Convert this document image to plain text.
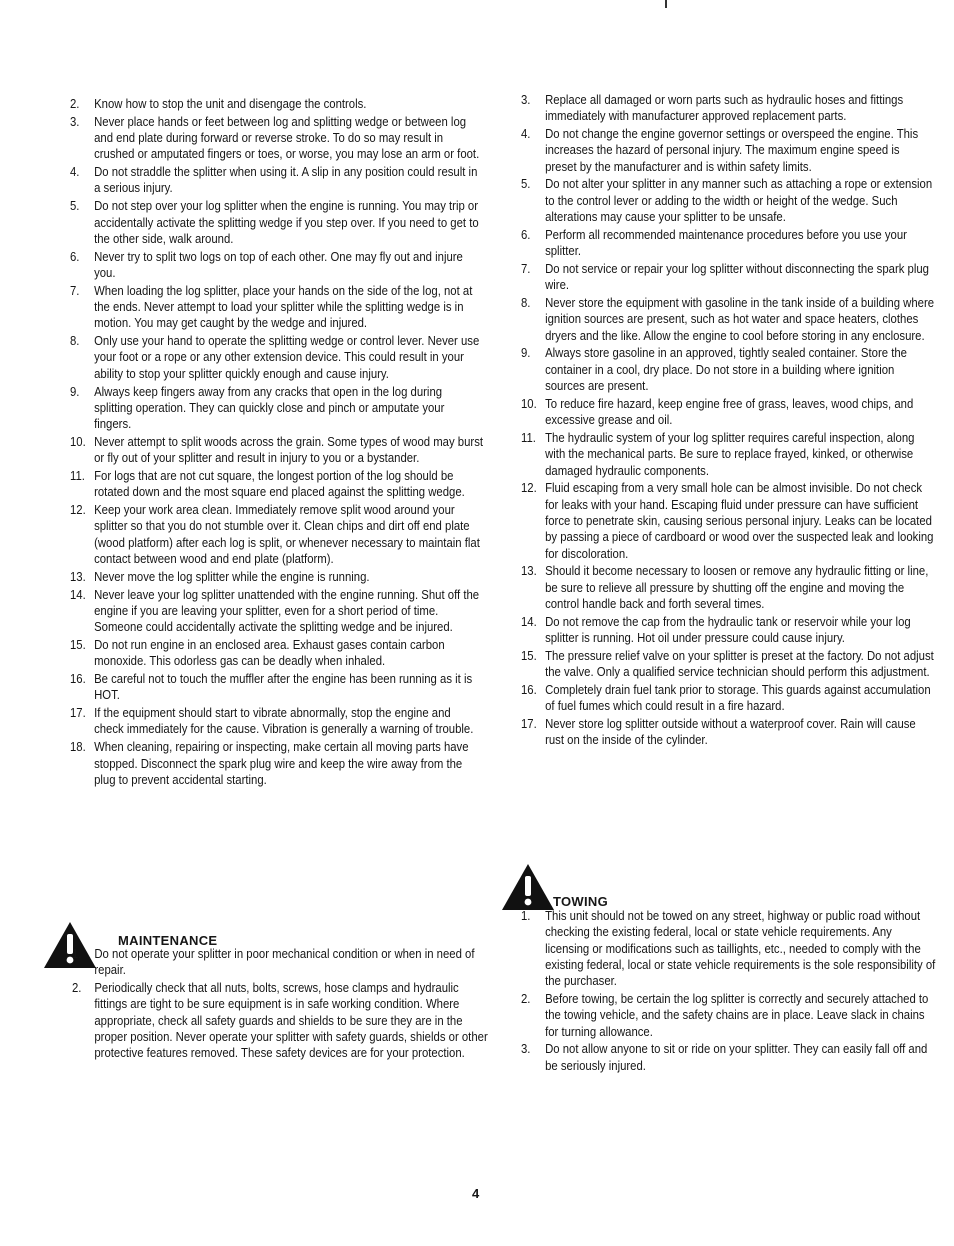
2. Know how to stop the unit and disengage the controls.
3. Never place hands or feet between log and splitting wedge or between log and end plate during forward or reverse stroke. To do so may result in crushed or amputated fingers or toes, or worse, you may lose an arm or foot.
4. Do not straddle the splitter when using it. A slip in any position could result in a serious injury.
5. Do not step over your log splitter when the engine is running. You may trip or accidentally activate the splitting wedge if you step over. If you need to get to the other side, walk around.
6. Never try to split two logs on top of each other. One may fly out and injure you.
7. When loading the log splitter, place your hands on the side of the log, not at the ends. Never attempt to load your splitter while the splitting wedge is in motion. You may get caught by the wedge and injured.
8. Only use your hand to operate the splitting wedge or control lever. Never use your foot or a rope or any other extension device. This could result in your ability to stop your splitter quickly enough and cause injury.
9. Always keep fingers away from any cracks that open in the log during splitting operation. They can quickly close and pinch or amputate your fingers.
10. Never attempt to split woods across the grain. Some types of wood may burst or fly out of your splitter and result in injury to you or a bystander.
11. For logs that are not cut square, the longest portion of the log should be rotated down and the most square end placed against the splitting wedge.
12. Keep your work area clean. Immediately remove split wood around your splitter so that you do not stumble over it. Clean chips and dirt off end plate (wood platform) after each log is split, or whenever necessary to maintain flat contact between wood and end plate (platform).
13. Never move the log splitter while the engine is running.
14. Never leave your log splitter unattended with the engine running. Shut off the engine if you are leaving your splitter, even for a short period of time. Someone could accidentally activate the splitting wedge and be injured.
15. Do not run engine in an enclosed area. Exhaust gases contain carbon monoxide. This odorless gas can be deadly when inhaled.
16. Be careful not to touch the muffler after the engine has been running as it is HOT.
17. If the equipment should start to vibrate abnormally, stop the engine and check immediately for the cause. Vibration is generally a warning of trouble.
18. When cleaning, repairing or inspecting, make certain all moving parts have stopped. Disconnect the spark plug wire and keep the wire away from the plug to prevent accidental starting.
MAINTENANCE
1. Do not operate your splitter in poor mechanical condition or when in need of repair.
2. Periodically check that all nuts, bolts, screws, hose clamps and hydraulic fittings are tight to be sure equipment is in safe working condition. Where appropriate, check all safety guards and shields to be sure they are in the proper position. Never operate your splitter with safety guards, shields or other protective features removed. These safety devices are for your protection.
3. Replace all damaged or worn parts such as hydraulic hoses and fittings immediately with manufacturer approved replacement parts.
4. Do not change the engine governor settings or overspeed the engine. This increases the hazard of personal injury. The maximum engine speed is preset by the manufacturer and is within safety limits.
5. Do not alter your splitter in any manner such as attaching a rope or extension to the control lever or adding to the width or height of the wedge. Such alterations may cause your splitter to be unsafe.
6. Perform all recommended maintenance procedures before you use your splitter.
7. Do not service or repair your log splitter without disconnecting the spark plug wire.
8. Never store the equipment with gasoline in the tank inside of a building where ignition sources are present, such as hot water and space heaters, clothes dryers and the like. Allow the engine to cool before storing in any enclosure.
9. Always store gasoline in an approved, tightly sealed container. Store the container in a cool, dry place. Do not store in a building where ignition sources are present.
10. To reduce fire hazard, keep engine free of grass, leaves, wood chips, and excessive grease and oil.
11. The hydraulic system of your log splitter requires careful inspection, along with the mechanical parts. Be sure to replace frayed, kinked, or otherwise damaged hydraulic components.
12. Fluid escaping from a very small hole can be almost invisible. Do not check for leaks with your hand. Escaping fluid under pressure can have sufficient force to penetrate skin, causing serious personal injury. Leaks can be located by passing a piece of cardboard or wood over the suspected leak and looking for discoloration.
13. Should it become necessary to loosen or remove any hydraulic fitting or line, be sure to relieve all pressure by shutting off the engine and moving the control handle back and forth several times.
14. Do not remove the cap from the hydraulic tank or reservoir while your log splitter is running. Hot oil under pressure could cause injury.
15. The pressure relief valve on your splitter is preset at the factory. Do not adjust the valve. Only a qualified service technician should perform this adjustment.
16. Completely drain fuel tank prior to storage. This guards against accumulation of fuel fumes which could result in a fire hazard.
17. Never store log splitter outside without a waterproof cover. Rain will cause rust on the inside of the cylinder.
TOWING
1. This unit should not be towed on any street, highway or public road without checking the existing federal, local or state vehicle requirements. Any licensing or modifications such as taillights, etc., needed to comply with the existing federal, local or state vehicle requirements is the sole responsibility of the purchaser.
2. Before towing, be certain the log splitter is correctly and securely attached to the towing vehicle, and the safety chains are in place. Leave slack in chains for turning allowance.
3. Do not allow anyone to sit or ride on your splitter. They can easily fall off and be seriously injured.
4
